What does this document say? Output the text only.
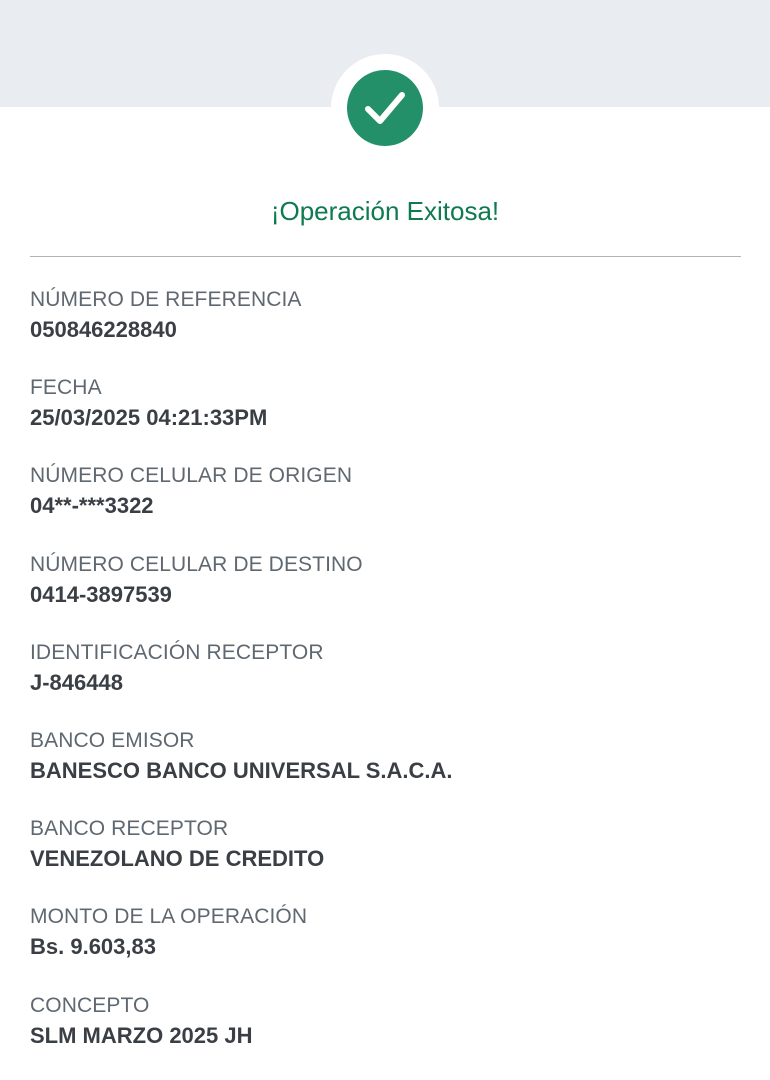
¡Operación Exitosa!
NÚMERO DE REFERENCIA
050846228840
FECHA
25/03/2025 04:21:33PM
NÚMERO CELULAR DE ORIGEN
04**-***3322
NÚMERO CELULAR DE DESTINO
0414-3897539
IDENTIFICACIÓN RECEPTOR
J-846448
BANCO EMISOR
BANESCO BANCO UNIVERSAL S.A.C.A.
BANCO RECEPTOR
VENEZOLANO DE CREDITO
MONTO DE LA OPERACIÓN
Bs. 9.603,83
CONCEPTO
SLM MARZO 2025 JH
